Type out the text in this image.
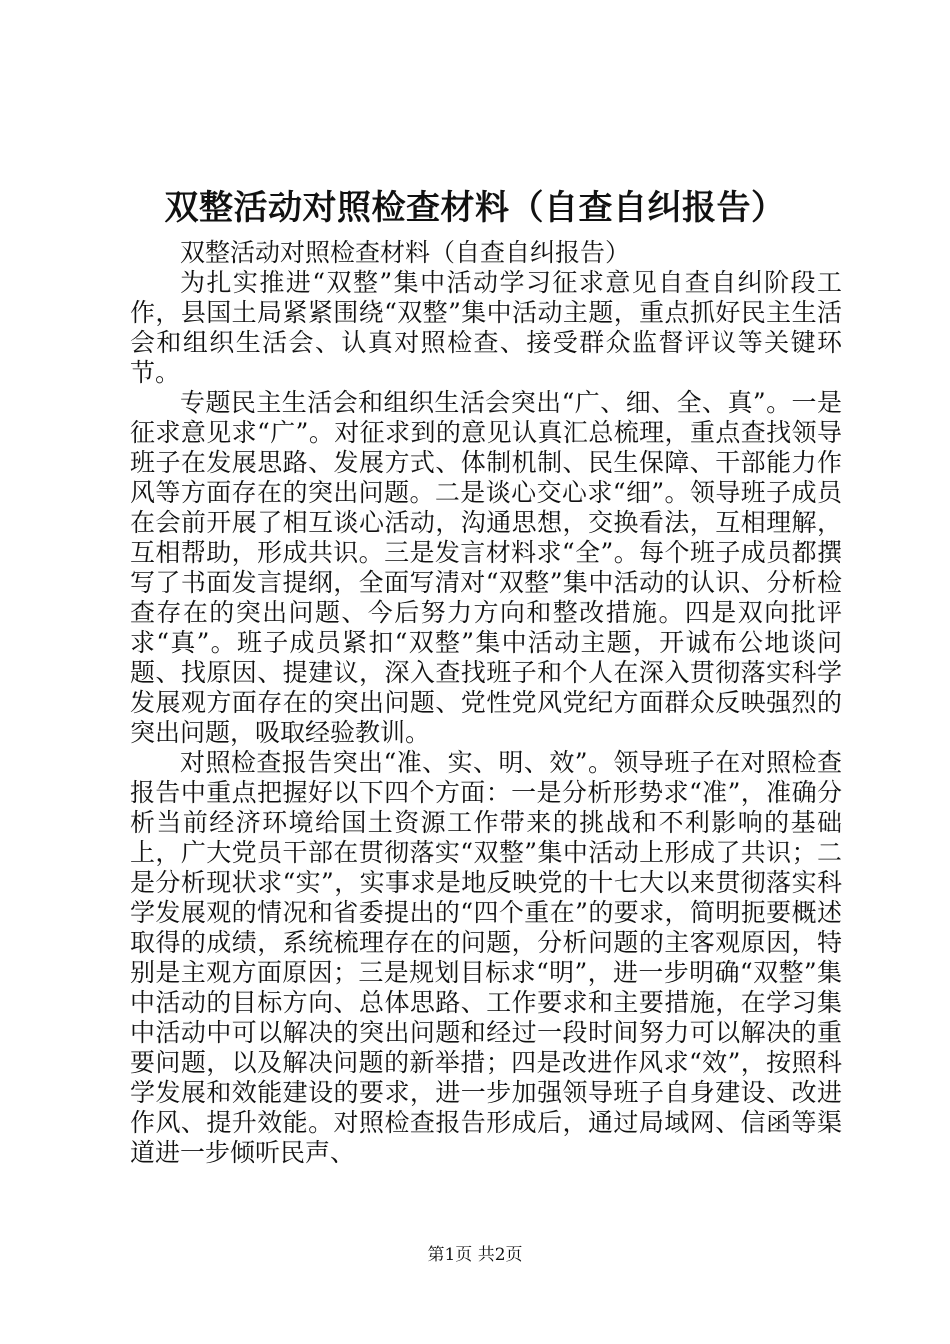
双整活动对照检查材料（自查自纠报告）

双整活动对照检查材料（自查自纠报告）

为扎实推进“双整”集中活动学习征求意见自查自纠阶段工作，县国土局紧紧围绕“双整”集中活动主题，重点抓好民主生活会和组织生活会、认真对照检查、接受群众监督评议等关键环节。

专题民主生活会和组织生活会突出“广、细、全、真”。一是征求意见求“广”。对征求到的意见认真汇总梳理，重点查找领导班子在发展思路、发展方式、体制机制、民生保障、干部能力作风等方面存在的突出问题。二是谈心交心求“细”。领导班子成员在会前开展了相互谈心活动，沟通思想，交换看法，互相理解，互相帮助，形成共识。三是发言材料求“全”。每个班子成员都撰写了书面发言提纲，全面写清对“双整”集中活动的认识、分析检查存在的突出问题、今后努力方向和整改措施。四是双向批评求“真”。班子成员紧扣“双整”集中活动主题，开诚布公地谈问题、找原因、提建议，深入查找班子和个人在深入贯彻落实科学发展观方面存在的突出问题、党性党风党纪方面群众反映强烈的突出问题，吸取经验教训。

对照检查报告突出“准、实、明、效”。领导班子在对照检查报告中重点把握好以下四个方面：一是分析形势求“准”，准确分析当前经济环境给国土资源工作带来的挑战和不利影响的基础上，广大党员干部在贯彻落实“双整”集中活动上形成了共识；二是分析现状求“实”，实事求是地反映党的十七大以来贯彻落实科学发展观的情况和省委提出的“四个重在”的要求，简明扼要概述取得的成绩，系统梳理存在的问题，分析问题的主客观原因，特别是主观方面原因；三是规划目标求“明”，进一步明确“双整”集中活动的目标方向、总体思路、工作要求和主要措施，在学习集中活动中可以解决的突出问题和经过一段时间努力可以解决的重要问题，以及解决问题的新举措；四是改进作风求“效”，按照科学发展和效能建设的要求，进一步加强领导班子自身建设、改进作风、提升效能。对照检查报告形成后，通过局域网、信函等渠道进一步倾听民声、

第1页 共2页
